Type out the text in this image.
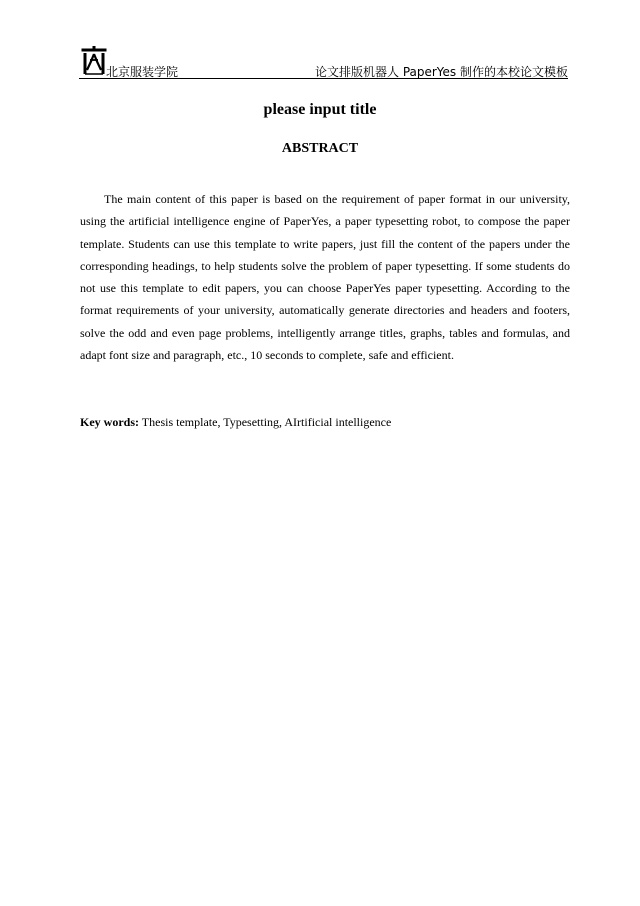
北京服装学院	论文排版机器人 PaperYes 制作的本校论文模板
please input title
ABSTRACT

The main content of this paper is based on the requirement of paper format in our university, using the artificial intelligence engine of PaperYes, a paper typesetting robot, to compose the paper template. Students can use this template to write papers, just fill the content of the papers under the corresponding headings, to help students solve the problem of paper typesetting. If some students do not use this template to edit papers, you can choose PaperYes paper typesetting. According to the format requirements of your university, automatically generate directories and headers and footers, solve the odd and even page problems, intelligently arrange titles, graphs, tables and formulas, and adapt font size and paragraph, etc., 10 seconds to complete, safe and efficient.

Key words: Thesis template, Typesetting, AIrtificial intelligence
